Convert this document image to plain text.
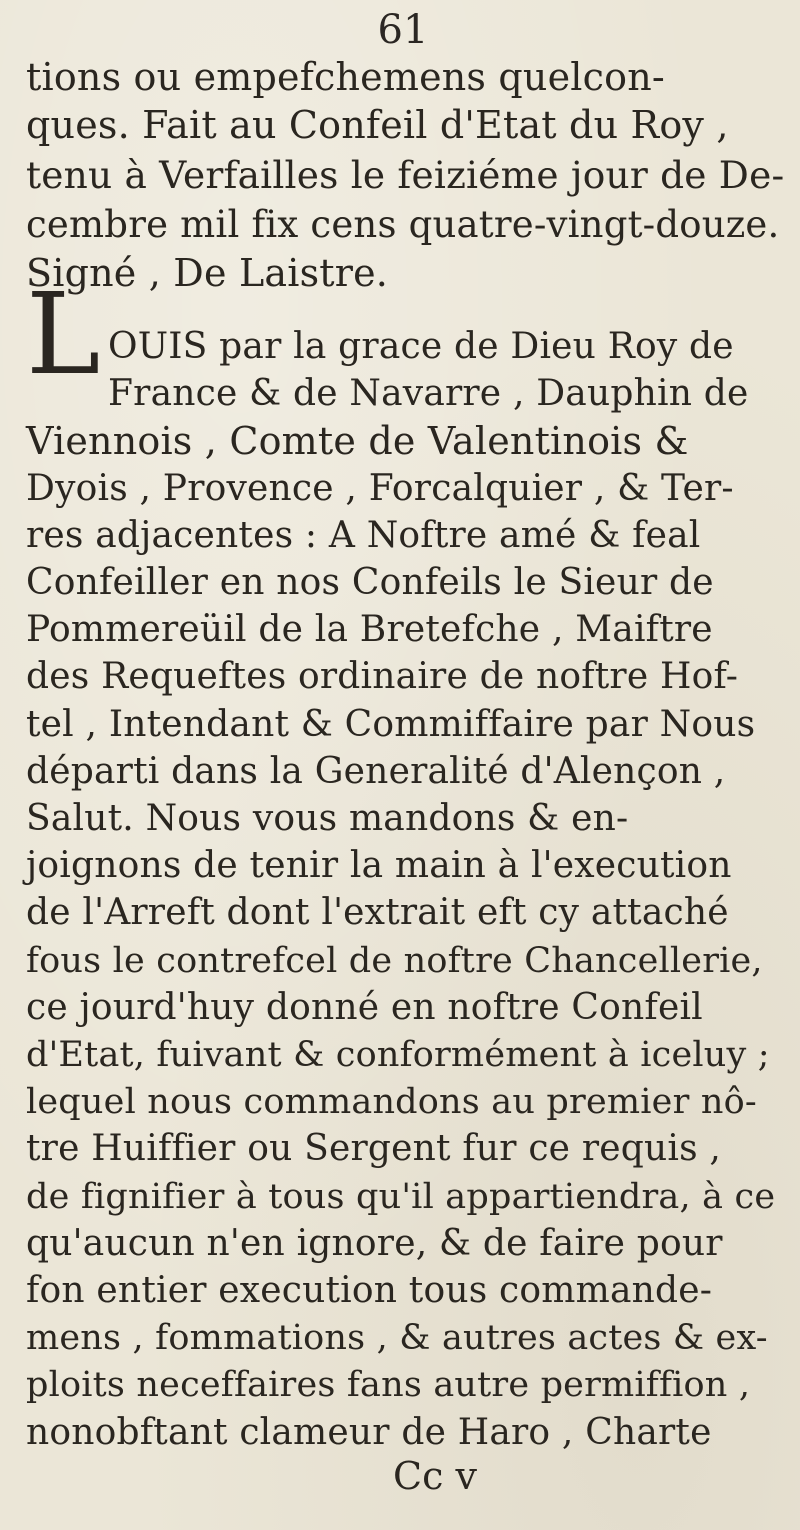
61
tions ou empefchemens quelcon-
ques. Fait au Confeil d'Etat du Roy ,
tenu à Verfailles le feiziéme jour de De-
cembre mil fix cens quatre-vingt-douze.
Signé , De Laistre.
L OUIS par la grace de Dieu Roy de
France & de Navarre , Dauphin de
Viennois , Comte de Valentinois &
Dyois , Provence , Forcalquier , & Ter-
res adjacentes : A Noftre amé & feal
Confeiller en nos Confeils le Sieur de
Pommereüil de la Bretefche , Maiftre
des Requeftes ordinaire de noftre Hof-
tel , Intendant & Commiffaire par Nous
départi dans la Generalité d'Alençon ,
Salut. Nous vous mandons & en-
joignons de tenir la main à l'execution
de l'Arreft dont l'extrait eft cy attaché
fous le contrefcel de noftre Chancellerie,
ce jourd'huy donné en noftre Confeil
d'Etat, fuivant & conformément à iceluy ;
lequel nous commandons au premier nô-
tre Huiffier ou Sergent fur ce requis ,
de fignifier à tous qu'il appartiendra, à ce
qu'aucun n'en ignore, & de faire pour
fon entier execution tous commande-
mens , fommations , & autres actes & ex-
ploits neceffaires fans autre permiffion ,
nonobftant clameur de Haro , Charte
Cc v
